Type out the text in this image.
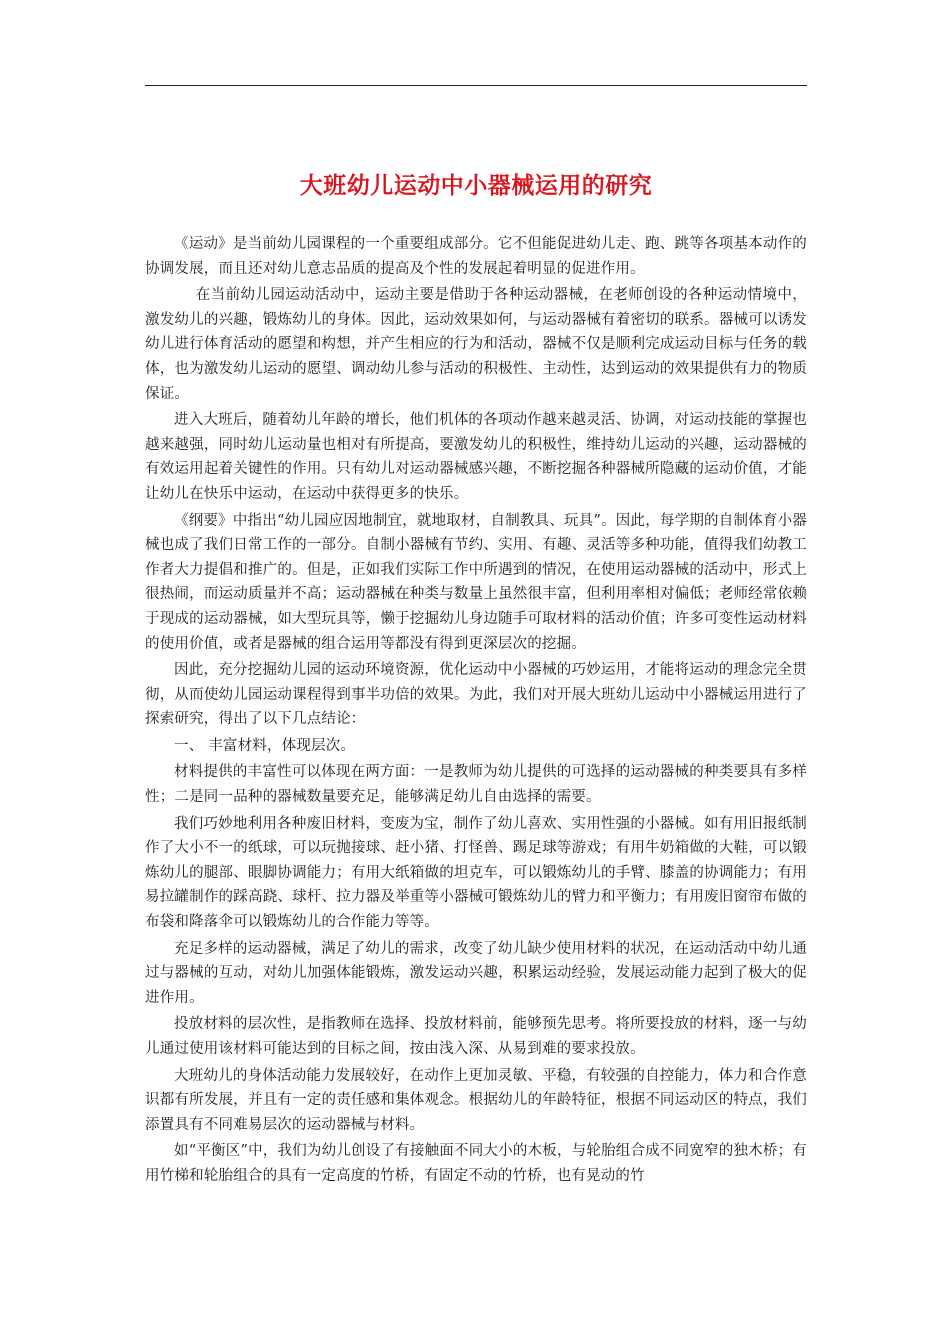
大班幼儿运动中小器械运用的研究

《运动》是当前幼儿园课程的一个重要组成部分。它不但能促进幼儿走、跑、跳等各项基本动作的协调发展，而且还对幼儿意志品质的提高及个性的发展起着明显的促进作用。

在当前幼儿园运动活动中，运动主要是借助于各种运动器械，在老师创设的各种运动情境中，激发幼儿的兴趣，锻炼幼儿的身体。因此，运动效果如何，与运动器械有着密切的联系。器械可以诱发幼儿进行体育活动的愿望和构想，并产生相应的行为和活动，器械不仅是顺利完成运动目标与任务的载体，也为激发幼儿运动的愿望、调动幼儿参与活动的积极性、主动性，达到运动的效果提供有力的物质保证。

进入大班后，随着幼儿年龄的增长，他们机体的各项动作越来越灵活、协调，对运动技能的掌握也越来越强，同时幼儿运动量也相对有所提高，要激发幼儿的积极性，维持幼儿运动的兴趣，运动器械的有效运用起着关键性的作用。只有幼儿对运动器械感兴趣，不断挖掘各种器械所隐藏的运动价值，才能让幼儿在快乐中运动，在运动中获得更多的快乐。

《纲要》中指出“幼儿园应因地制宜，就地取材，自制教具、玩具”。因此，每学期的自制体育小器械也成了我们日常工作的一部分。自制小器械有节约、实用、有趣、灵活等多种功能，值得我们幼教工作者大力提倡和推广的。但是，正如我们实际工作中所遇到的情况，在使用运动器械的活动中，形式上很热闹，而运动质量并不高；运动器械在种类与数量上虽然很丰富，但利用率相对偏低；老师经常依赖于现成的运动器械，如大型玩具等，懒于挖掘幼儿身边随手可取材料的活动价值；许多可变性运动材料的使用价值，或者是器械的组合运用等都没有得到更深层次的挖掘。

因此，充分挖掘幼儿园的运动环境资源，优化运动中小器械的巧妙运用，才能将运动的理念完全贯彻，从而使幼儿园运动课程得到事半功倍的效果。为此，我们对开展大班幼儿运动中小器械运用进行了探索研究，得出了以下几点结论：

一、 丰富材料，体现层次。

材料提供的丰富性可以体现在两方面：一是教师为幼儿提供的可选择的运动器械的种类要具有多样性；二是同一品种的器械数量要充足，能够满足幼儿自由选择的需要。

我们巧妙地利用各种废旧材料，变废为宝，制作了幼儿喜欢、实用性强的小器械。如有用旧报纸制作了大小不一的纸球，可以玩抛接球、赶小猪、打怪兽、踢足球等游戏；有用牛奶箱做的大鞋，可以锻炼幼儿的腿部、眼脚协调能力；有用大纸箱做的坦克车，可以锻炼幼儿的手臂、膝盖的协调能力；有用易拉罐制作的踩高跷、球杆、拉力器及举重等小器械可锻炼幼儿的臂力和平衡力；有用废旧窗帘布做的布袋和降落伞可以锻炼幼儿的合作能力等等。

充足多样的运动器械，满足了幼儿的需求，改变了幼儿缺少使用材料的状况，在运动活动中幼儿通过与器械的互动，对幼儿加强体能锻炼，激发运动兴趣，积累运动经验，发展运动能力起到了极大的促进作用。

投放材料的层次性，是指教师在选择、投放材料前，能够预先思考。将所要投放的材料，逐一与幼儿通过使用该材料可能达到的目标之间，按由浅入深、从易到难的要求投放。

大班幼儿的身体活动能力发展较好，在动作上更加灵敏、平稳，有较强的自控能力，体力和合作意识都有所发展，并且有一定的责任感和集体观念。根据幼儿的年龄特征，根据不同运动区的特点，我们添置具有不同难易层次的运动器械与材料。

如“平衡区”中，我们为幼儿创设了有接触面不同大小的木板，与轮胎组合成不同宽窄的独木桥；有用竹梯和轮胎组合的具有一定高度的竹桥，有固定不动的竹桥，也有晃动的竹
